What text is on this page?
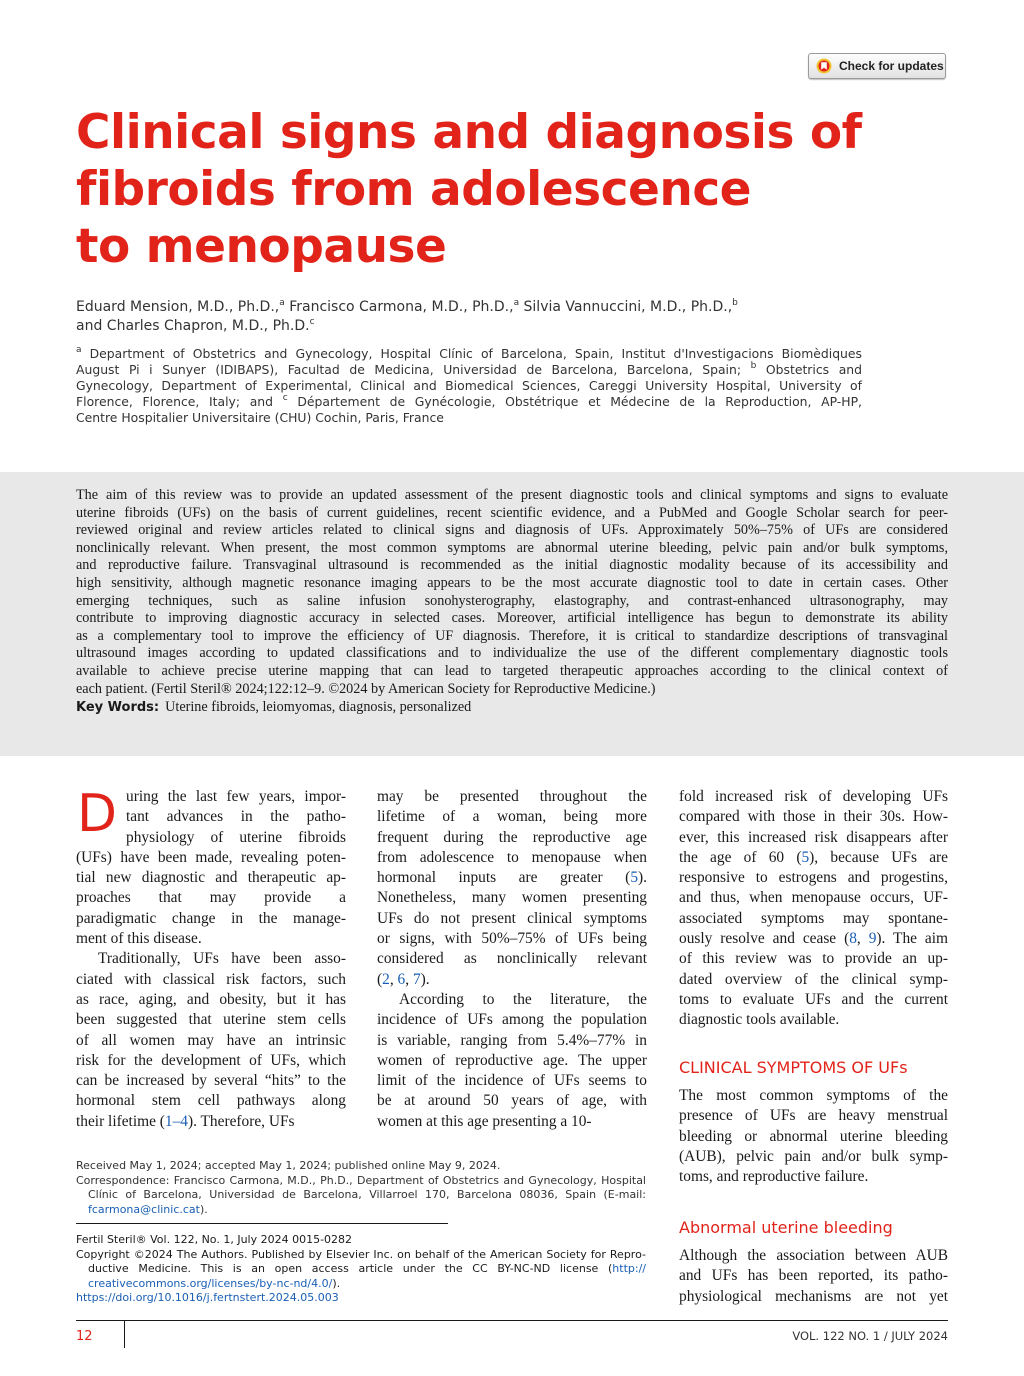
Check for updates
Clinical signs and diagnosis of
fibroids from adolescence
to menopause
Eduard Mension, M.D., Ph.D.,$^a$ Francisco Carmona, M.D., Ph.D.,$^a$ Silvia Vannuccini, M.D., Ph.D.,$^b$
and Charles Chapron, M.D., Ph.D.$^c$
$^a$ Department of Obstetrics and Gynecology, Hospital Clínic of Barcelona, Spain, Institut d'Investigacions Biomèdiques
August Pi i Sunyer (IDIBAPS), Facultad de Medicina, Universidad de Barcelona, Barcelona, Spain; $^b$ Obstetrics and
Gynecology, Department of Experimental, Clinical and Biomedical Sciences, Careggi University Hospital, University of
Florence, Florence, Italy; and $^c$ Département de Gynécologie, Obstétrique et Médecine de la Reproduction, AP-HP,
Centre Hospitalier Universitaire (CHU) Cochin, Paris, France
The aim of this review was to provide an updated assessment of the present diagnostic tools and clinical symptoms and signs to evaluate
uterine fibroids (UFs) on the basis of current guidelines, recent scientific evidence, and a PubMed and Google Scholar search for peer-
reviewed original and review articles related to clinical signs and diagnosis of UFs. Approximately 50%–75% of UFs are considered
nonclinically relevant. When present, the most common symptoms are abnormal uterine bleeding, pelvic pain and/or bulk symptoms,
and reproductive failure. Transvaginal ultrasound is recommended as the initial diagnostic modality because of its accessibility and
high sensitivity, although magnetic resonance imaging appears to be the most accurate diagnostic tool to date in certain cases. Other
emerging techniques, such as saline infusion sonohysterography, elastography, and contrast-enhanced ultrasonography, may
contribute to improving diagnostic accuracy in selected cases. Moreover, artificial intelligence has begun to demonstrate its ability
as a complementary tool to improve the efficiency of UF diagnosis. Therefore, it is critical to standardize descriptions of transvaginal
ultrasound images according to updated classifications and to individualize the use of the different complementary diagnostic tools
available to achieve precise uterine mapping that can lead to targeted therapeutic approaches according to the clinical context of
each patient. (Fertil Steril® 2024;122:12–9. ©2024 by American Society for Reproductive Medicine.)
Key Words: Uterine fibroids, leiomyomas, diagnosis, personalized
D uring the last few years, impor-
tant advances in the patho-
physiology of uterine fibroids
(UFs) have been made, revealing poten-
tial new diagnostic and therapeutic ap-
proaches that may provide a
paradigmatic change in the manage-
ment of this disease.
Traditionally, UFs have been asso-
ciated with classical risk factors, such
as race, aging, and obesity, but it has
been suggested that uterine stem cells
of all women may have an intrinsic
risk for the development of UFs, which
can be increased by several “hits” to the
hormonal stem cell pathways along
their lifetime (1–4). Therefore, UFs
may be presented throughout the
lifetime of a woman, being more
frequent during the reproductive age
from adolescence to menopause when
hormonal inputs are greater (5).
Nonetheless, many women presenting
UFs do not present clinical symptoms
or signs, with 50%–75% of UFs being
considered as nonclinically relevant
(2, 6, 7).
According to the literature, the
incidence of UFs among the population
is variable, ranging from 5.4%–77% in
women of reproductive age. The upper
limit of the incidence of UFs seems to
be at around 50 years of age, with
women at this age presenting a 10-
fold increased risk of developing UFs
compared with those in their 30s. How-
ever, this increased risk disappears after
the age of 60 (5), because UFs are
responsive to estrogens and progestins,
and thus, when menopause occurs, UF-
associated symptoms may spontane-
ously resolve and cease (8, 9). The aim
of this review was to provide an up-
dated overview of the clinical symp-
toms to evaluate UFs and the current
diagnostic tools available.
CLINICAL SYMPTOMS OF UFs
The most common symptoms of the
presence of UFs are heavy menstrual
bleeding or abnormal uterine bleeding
(AUB), pelvic pain and/or bulk symp-
toms, and reproductive failure.
Abnormal uterine bleeding
Although the association between AUB
and UFs has been reported, its patho-
physiological mechanisms are not yet
Received May 1, 2024; accepted May 1, 2024; published online May 9, 2024.
Correspondence: Francisco Carmona, M.D., Ph.D., Department of Obstetrics and Gynecology, Hospital
Clínic of Barcelona, Universidad de Barcelona, Villarroel 170, Barcelona 08036, Spain (E-mail:
fcarmona@clinic.cat).
Fertil Steril® Vol. 122, No. 1, July 2024 0015-0282
Copyright ©2024 The Authors. Published by Elsevier Inc. on behalf of the American Society for Repro-
ductive Medicine. This is an open access article under the CC BY-NC-ND license (http://
creativecommons.org/licenses/by-nc-nd/4.0/).
https://doi.org/10.1016/j.fertnstert.2024.05.003
12	VOL. 122 NO. 1 / JULY 2024
